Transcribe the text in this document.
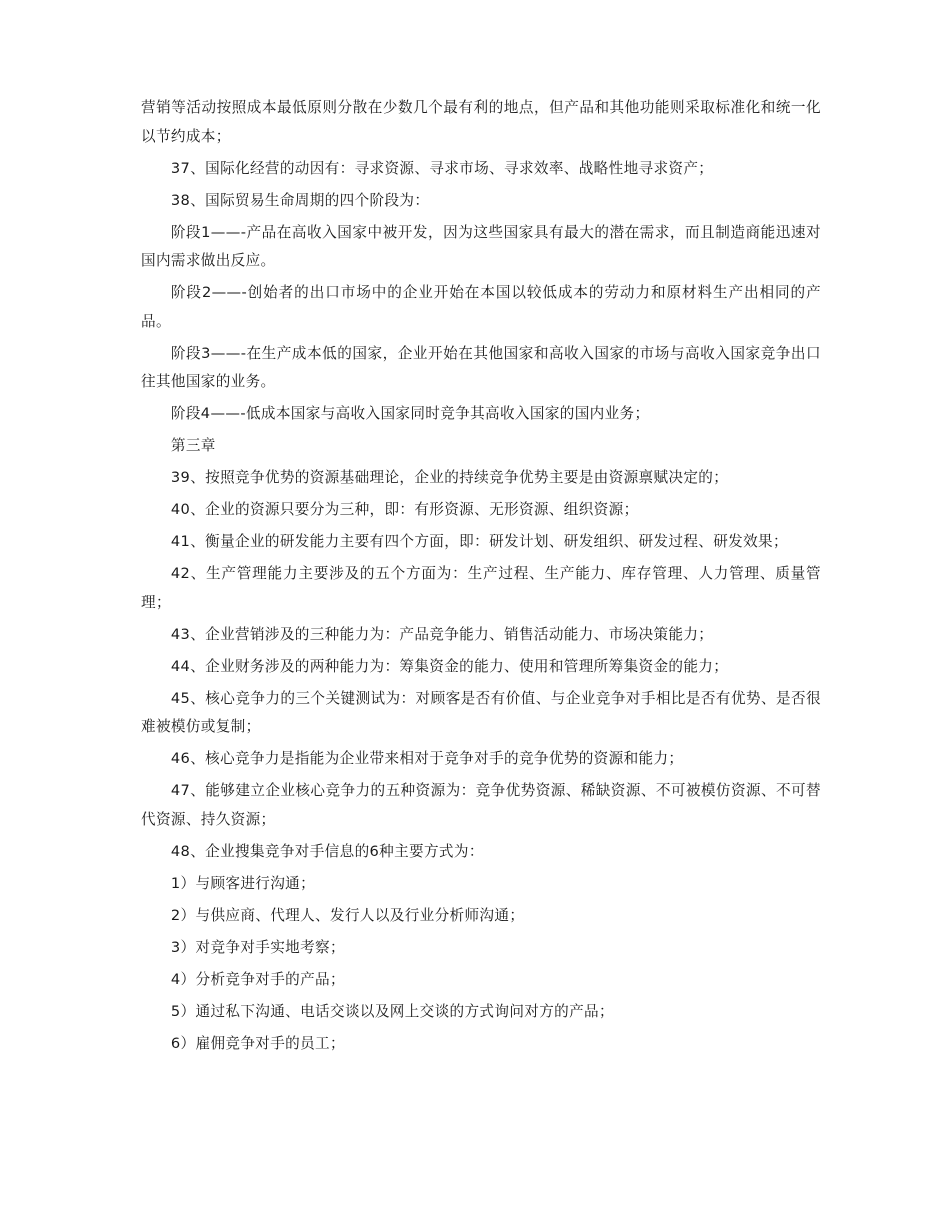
营销等活动按照成本最低原则分散在少数几个最有利的地点，但产品和其他功能则采取标准化和统一化以节约成本；

37、国际化经营的动因有：寻求资源、寻求市场、寻求效率、战略性地寻求资产；

38、国际贸易生命周期的四个阶段为：

阶段1——-产品在高收入国家中被开发，因为这些国家具有最大的潜在需求，而且制造商能迅速对国内需求做出反应。

阶段2——-创始者的出口市场中的企业开始在本国以较低成本的劳动力和原材料生产出相同的产品。

阶段3——-在生产成本低的国家，企业开始在其他国家和高收入国家的市场与高收入国家竞争出口往其他国家的业务。

阶段4——-低成本国家与高收入国家同时竞争其高收入国家的国内业务；

第三章

39、按照竞争优势的资源基础理论，企业的持续竞争优势主要是由资源禀赋决定的；

40、企业的资源只要分为三种，即：有形资源、无形资源、组织资源；

41、衡量企业的研发能力主要有四个方面，即：研发计划、研发组织、研发过程、研发效果；

42、生产管理能力主要涉及的五个方面为：生产过程、生产能力、库存管理、人力管理、质量管理；

43、企业营销涉及的三种能力为：产品竞争能力、销售活动能力、市场决策能力；

44、企业财务涉及的两种能力为：筹集资金的能力、使用和管理所筹集资金的能力；

45、核心竞争力的三个关键测试为：对顾客是否有价值、与企业竞争对手相比是否有优势、是否很难被模仿或复制；

46、核心竞争力是指能为企业带来相对于竞争对手的竞争优势的资源和能力；

47、能够建立企业核心竞争力的五种资源为：竞争优势资源、稀缺资源、不可被模仿资源、不可替代资源、持久资源；

48、企业搜集竞争对手信息的6种主要方式为：

1）与顾客进行沟通；

2）与供应商、代理人、发行人以及行业分析师沟通；

3）对竞争对手实地考察；

4）分析竞争对手的产品；

5）通过私下沟通、电话交谈以及网上交谈的方式询问对方的产品；

6）雇佣竞争对手的员工；
